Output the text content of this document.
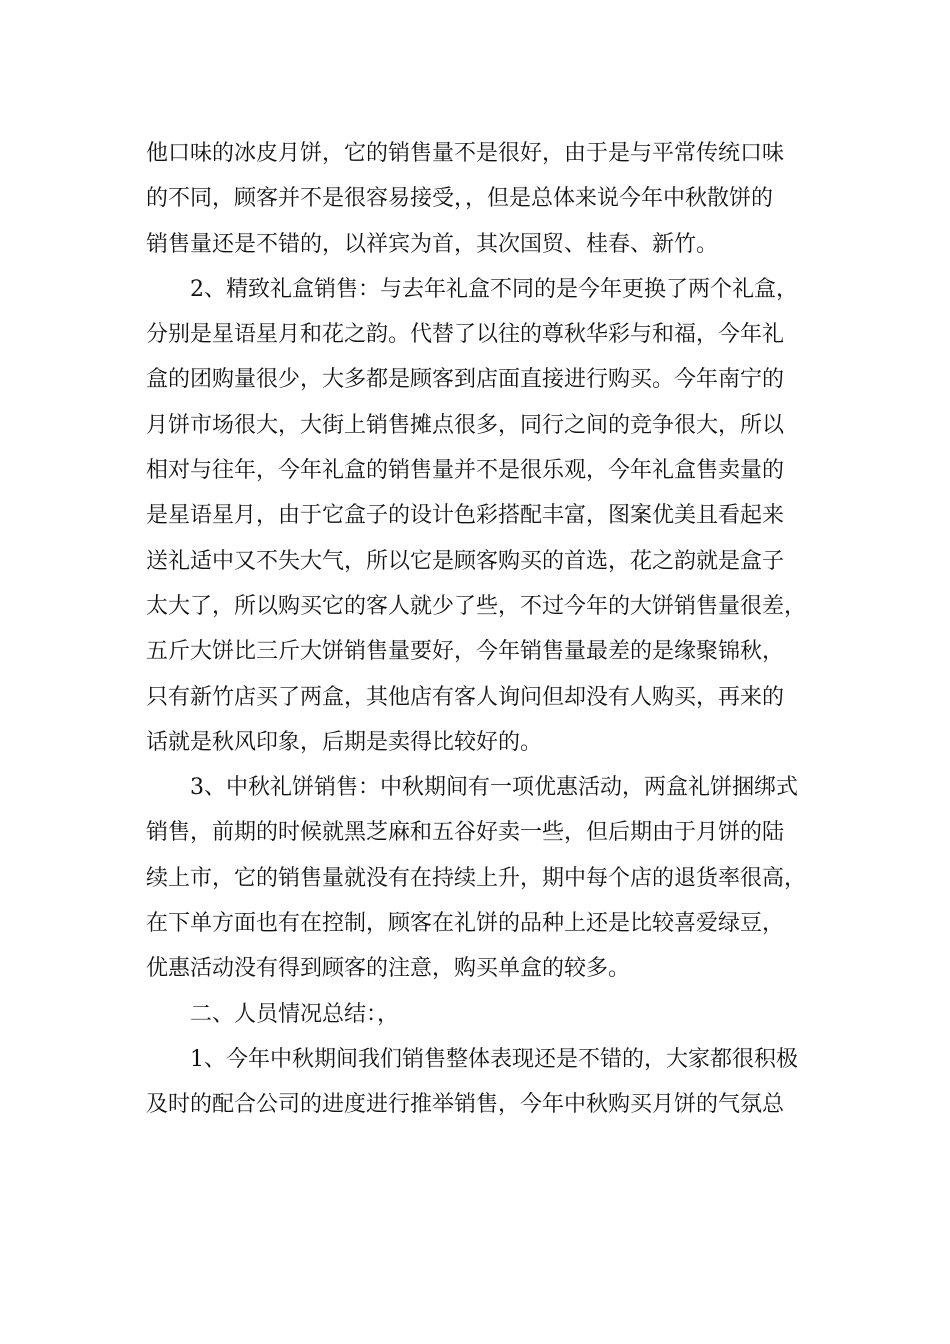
他口味的冰皮月饼，它的销售量不是很好，由于是与平常传统口味
的不同，顾客并不是很容易接受，，但是总体来说今年中秋散饼的
销售量还是不错的，以祥宾为首，其次国贸、桂春、新竹。
2、精致礼盒销售：与去年礼盒不同的是今年更换了两个礼盒，
分别是星语星月和花之韵。代替了以往的尊秋华彩与和福，今年礼
盒的团购量很少，大多都是顾客到店面直接进行购买。今年南宁的
月饼市场很大，大街上销售摊点很多，同行之间的竞争很大，所以
相对与往年，今年礼盒的销售量并不是很乐观，今年礼盒售卖量的
是星语星月，由于它盒子的设计色彩搭配丰富，图案优美且看起来
送礼适中又不失大气，所以它是顾客购买的首选，花之韵就是盒子
太大了，所以购买它的客人就少了些，不过今年的大饼销售量很差，
五斤大饼比三斤大饼销售量要好，今年销售量最差的是缘聚锦秋，
只有新竹店买了两盒，其他店有客人询问但却没有人购买，再来的
话就是秋风印象，后期是卖得比较好的。
3、中秋礼饼销售：中秋期间有一项优惠活动，两盒礼饼捆绑式
销售，前期的时候就黑芝麻和五谷好卖一些，但后期由于月饼的陆
续上市，它的销售量就没有在持续上升，期中每个店的退货率很高，
在下单方面也有在控制，顾客在礼饼的品种上还是比较喜爱绿豆，
优惠活动没有得到顾客的注意，购买单盒的较多。
二、人员情况总结：，
1、今年中秋期间我们销售整体表现还是不错的，大家都很积极
及时的配合公司的进度进行推举销售，今年中秋购买月饼的气氛总
